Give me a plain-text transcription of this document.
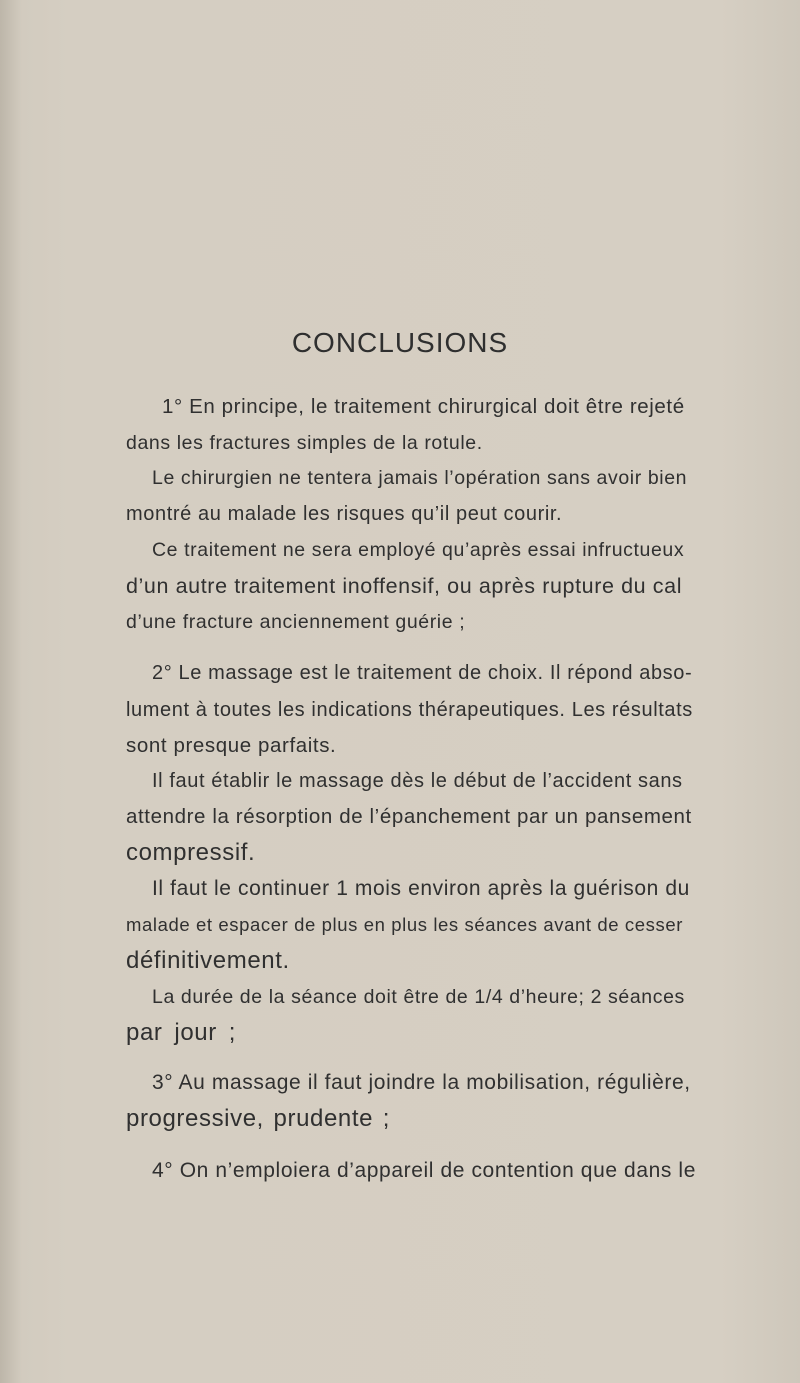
CONCLUSIONS
1° En principe, le traitement chirurgical doit être rejeté
dans les fractures simples de la rotule.
Le chirurgien ne tentera jamais l’opération sans avoir bien
montré au malade les risques qu’il peut courir.
Ce traitement ne sera employé qu’après essai infructueux
d’un autre traitement inoffensif, ou après rupture du cal
d’une fracture anciennement guérie ;
2° Le massage est le traitement de choix. Il répond abso-
lument à toutes les indications thérapeutiques. Les résultats
sont presque parfaits.
Il faut établir le massage dès le début de l’accident sans
attendre la résorption de l’épanchement par un pansement
compressif.
Il faut le continuer 1 mois environ après la guérison du
malade et espacer de plus en plus les séances avant de cesser
définitivement.
La durée de la séance doit être de 1/4 d’heure; 2 séances
par jour ;
3° Au massage il faut joindre la mobilisation, régulière,
progressive, prudente ;
4° On n’emploiera d’appareil de contention que dans le
